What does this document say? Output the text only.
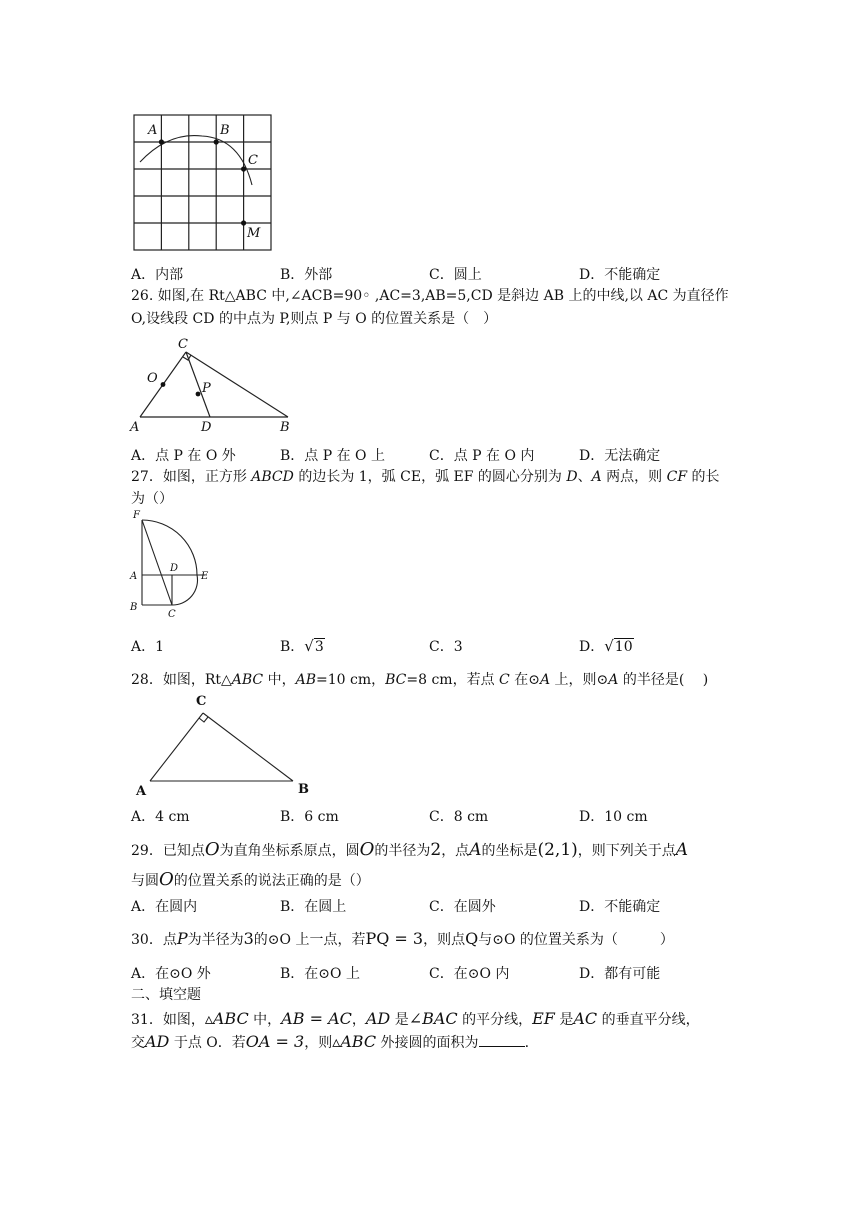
A	B
C
M
A．内部	B．外部	C．圆上	D．不能确定
26. 如图,在 Rt△ABC 中,∠ACB=90◦ ,AC=3,AB=5,CD 是斜边 AB 上的中线,以 AC 为直径作
O,设线段 CD 的中点为 P,则点 P 与 O 的位置关系是（　）
C
O
P
A	D	B
A．点 P 在 O 外	B．点 P 在 O 上	C．点 P 在 O 内	D．无法确定
27．如图，正方形 ABCD 的边长为 1，弧 CE，弧 EF 的圆心分别为 D、A 两点，则 CF 的长
为（）
F
A
D
E
B
C
A．1	B．√3	C．3	D．√10
28．如图，Rt△ABC 中，AB=10 cm，BC=8 cm，若点 C 在⊙A 上，则⊙A 的半径是(　 )
C
A	B
A．4 cm	B．6 cm	C．8 cm	D．10 cm
29．已知点O为直角坐标系原点，圆O的半径为2，点A的坐标是(2,1)，则下列关于点A
与圆O的位置关系的说法正确的是（）
A．在圆内	B．在圆上	C．在圆外	D．不能确定
30．点P为半径为3的⊙O 上一点，若PQ = 3，则点Q与⊙O 的位置关系为（　　　）
A．在⊙O 外	B．在⊙O 上	C．在⊙O 内	D．都有可能
二、填空题
31．如图，▵ABC 中，AB = AC，AD 是∠BAC 的平分线，EF 是AC 的垂直平分线，
交AD 于点 O．若OA = 3，则▵ABC 外接圆的面积为	.
